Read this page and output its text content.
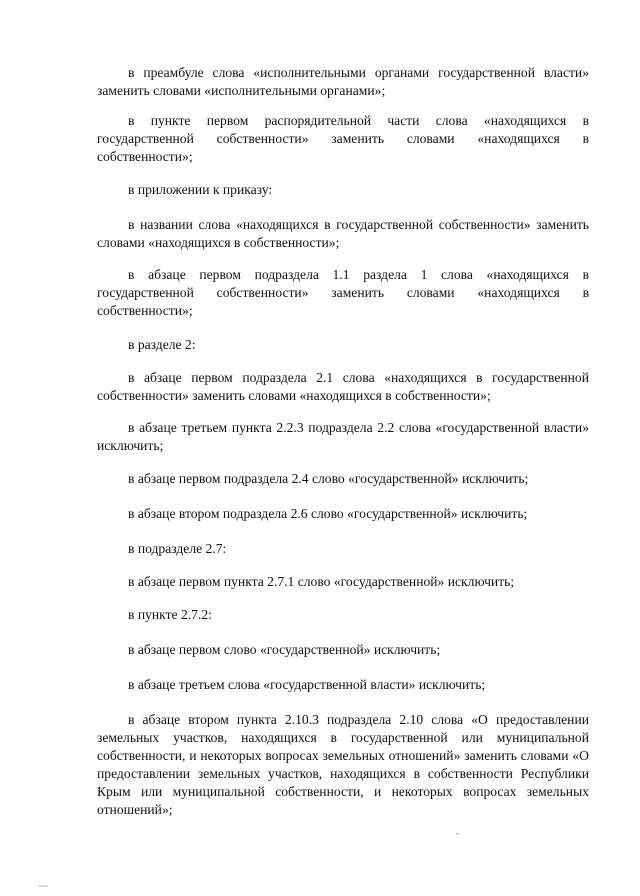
в преамбуле слова «исполнительными органами государственной власти» заменить словами «исполнительными органами»;

в пункте первом распорядительной части слова «находящихся в государственной собственности» заменить словами «находящихся в собственности»;

в приложении к приказу:

в названии слова «находящихся в государственной собственности» заменить словами «находящихся в собственности»;

в абзаце первом подраздела 1.1 раздела 1 слова «находящихся в государственной собственности» заменить словами «находящихся в собственности»;

в разделе 2:

в абзаце первом подраздела 2.1 слова «находящихся в государственной собственности» заменить словами «находящихся в собственности»;

в абзаце третьем пункта 2.2.3 подраздела 2.2 слова «государственной власти» исключить;

в абзаце первом подраздела 2.4 слово «государственной» исключить;

в абзаце втором подраздела 2.6 слово «государственной» исключить;

в подразделе 2.7:

в абзаце первом пункта 2.7.1 слово «государственной» исключить;

в пункте 2.7.2:

в абзаце первом слово «государственной» исключить;

в абзаце третьем слова «государственной власти» исключить;

в абзаце втором пункта 2.10.3 подраздела 2.10 слова «О предоставлении земельных участков, находящихся в государственной или муниципальной собственности, и некоторых вопросах земельных отношений» заменить словами «О предоставлении земельных участков, находящихся в собственности Республики Крым или муниципальной собственности, и некоторых вопросах земельных отношений»;
